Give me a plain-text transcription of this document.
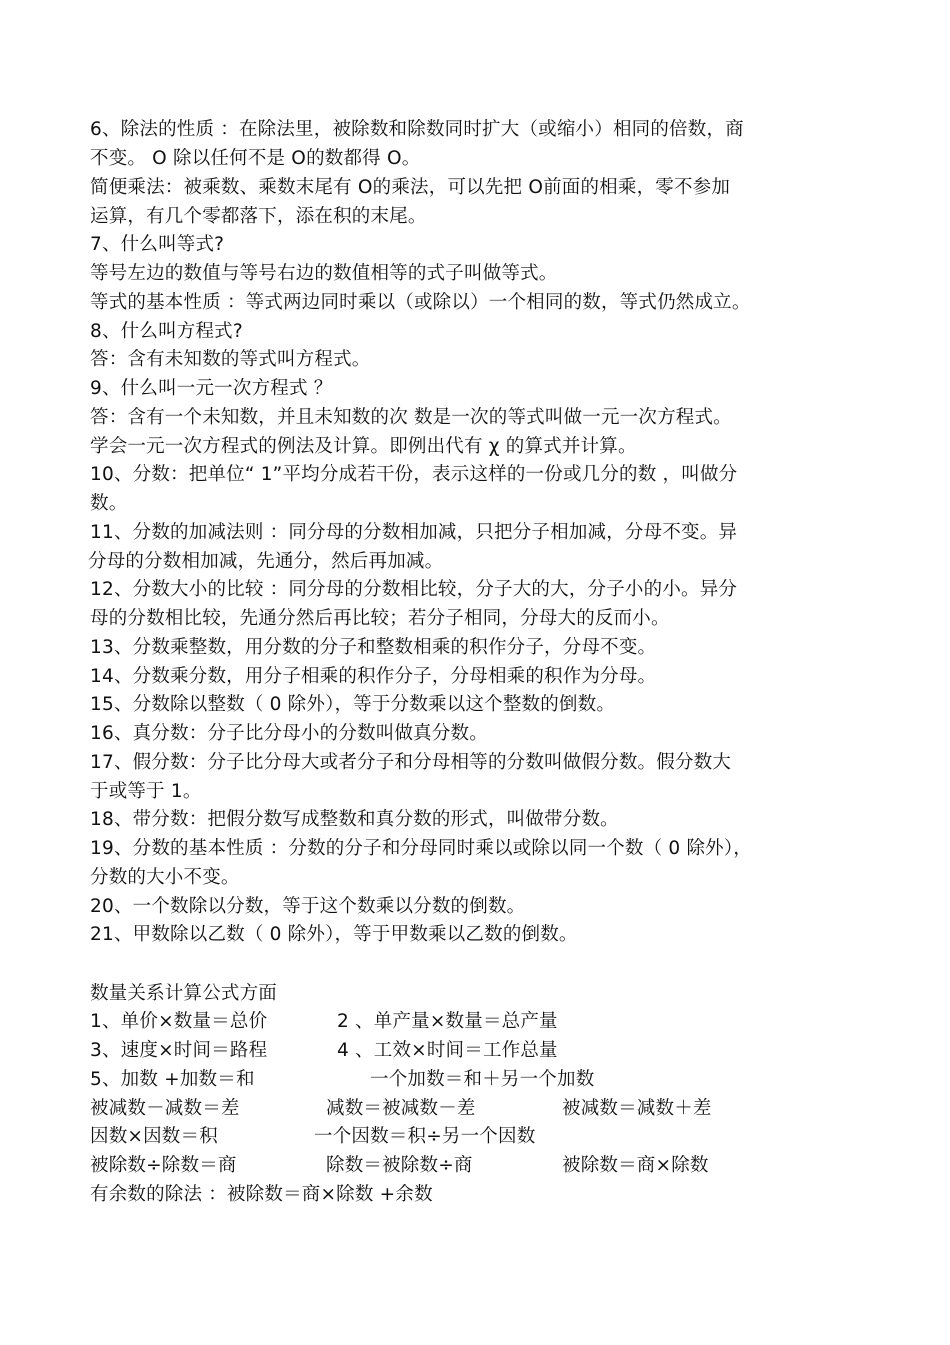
6、除法的性质 ：在除法里，被除数和除数同时扩大（或缩小）相同的倍数，商
不变。 O 除以任何不是 O的数都得 O。
简便乘法：被乘数、乘数末尾有 O的乘法，可以先把 O前面的相乘，零不参加
运算，有几个零都落下，添在积的末尾。
7、什么叫等式?
等号左边的数值与等号右边的数值相等的式子叫做等式。
等式的基本性质 ：等式两边同时乘以（或除以）一个相同的数，等式仍然成立。
8、什么叫方程式?
答：含有未知数的等式叫方程式。
9、什么叫一元一次方程式 ？
答：含有一个未知数，并且未知数的次 数是一次的等式叫做一元一次方程式。
学会一元一次方程式的例法及计算。即例出代有 χ 的算式并计算。
10、分数：把单位“ 1”平均分成若干份，表示这样的一份或几分的数 ，叫做分
数。
11、分数的加减法则 ：同分母的分数相加减，只把分子相加减，分母不变。异
分母的分数相加减，先通分，然后再加减。
12、分数大小的比较 ：同分母的分数相比较，分子大的大，分子小的小。异分
母的分数相比较，先通分然后再比较；若分子相同，分母大的反而小。
13、分数乘整数，用分数的分子和整数相乘的积作分子，分母不变。
14、分数乘分数，用分子相乘的积作分子，分母相乘的积作为分母。
15、分数除以整数（ 0 除外），等于分数乘以这个整数的倒数。
16、真分数：分子比分母小的分数叫做真分数。
17、假分数：分子比分母大或者分子和分母相等的分数叫做假分数。假分数大
于或等于 1。
18、带分数：把假分数写成整数和真分数的形式，叫做带分数。
19、分数的基本性质 ：分数的分子和分母同时乘以或除以同一个数（ 0 除外），
分数的大小不变。
20、一个数除以分数，等于这个数乘以分数的倒数。
21、甲数除以乙数（ 0 除外），等于甲数乘以乙数的倒数。
数量关系计算公式方面
1、单价×数量＝总价	2 、单产量×数量＝总产量
3、速度×时间＝路程	4 、工效×时间＝工作总量
5、加数 +加数＝和	一个加数＝和＋另一个加数
被减数－减数＝差	减数＝被减数－差	被减数＝减数＋差
因数×因数＝积	一个因数＝积÷另一个因数
被除数÷除数＝商	除数＝被除数÷商	被除数＝商×除数
有余数的除法 ：被除数＝商×除数 +余数
